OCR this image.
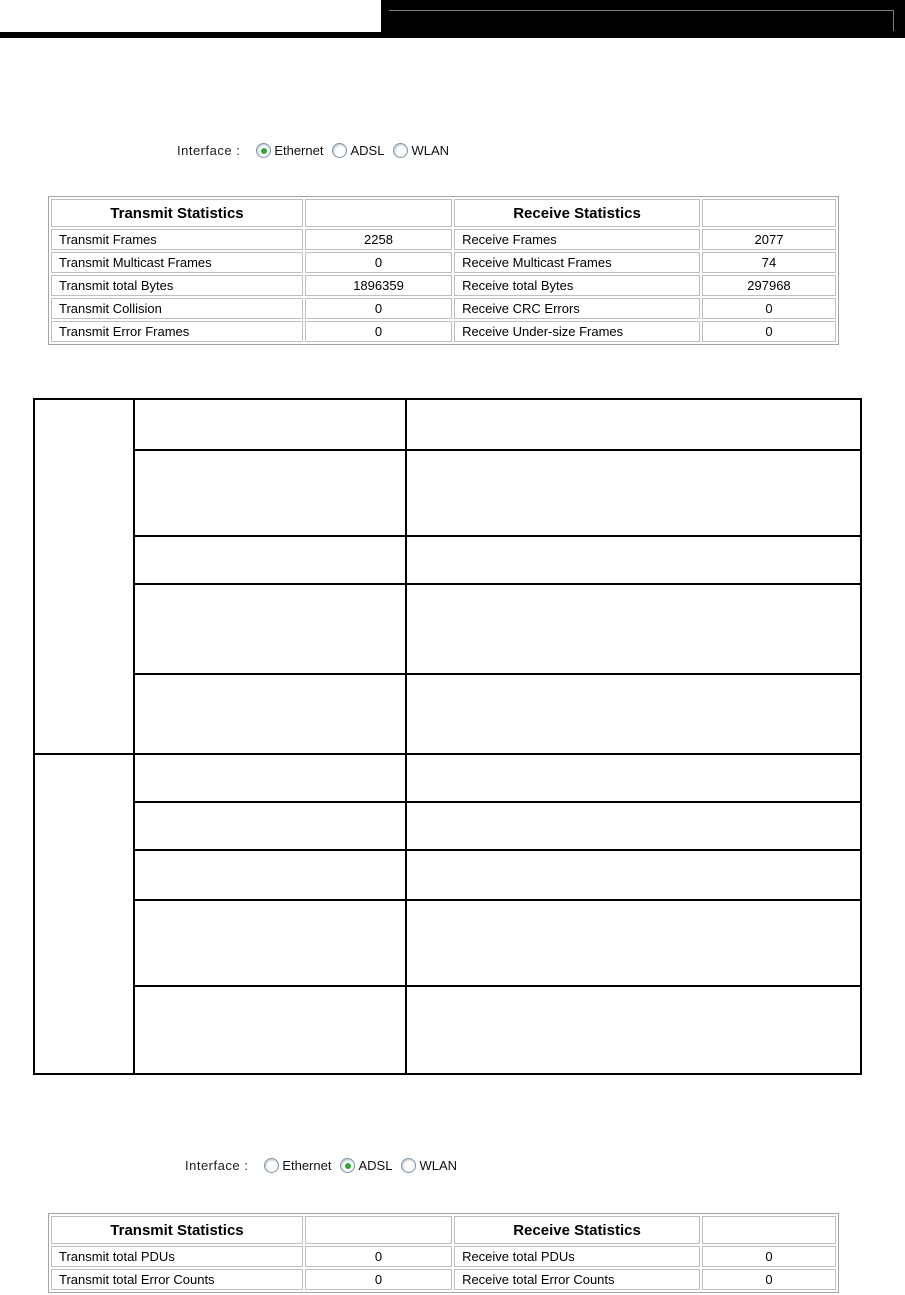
Interface :	Ethernet ADSL WLAN
Transmit Statistics		Receive Statistics	
Transmit Frames	2258	Receive Frames	2077
Transmit Multicast Frames	0	Receive Multicast Frames	74
Transmit total Bytes	1896359	Receive total Bytes	297968
Transmit Collision	0	Receive CRC Errors	0
Transmit Error Frames	0	Receive Under-size Frames	0

Interface :	Ethernet ADSL WLAN
Transmit Statistics		Receive Statistics	
Transmit total PDUs	0	Receive total PDUs	0
Transmit total Error Counts	0	Receive total Error Counts	0
